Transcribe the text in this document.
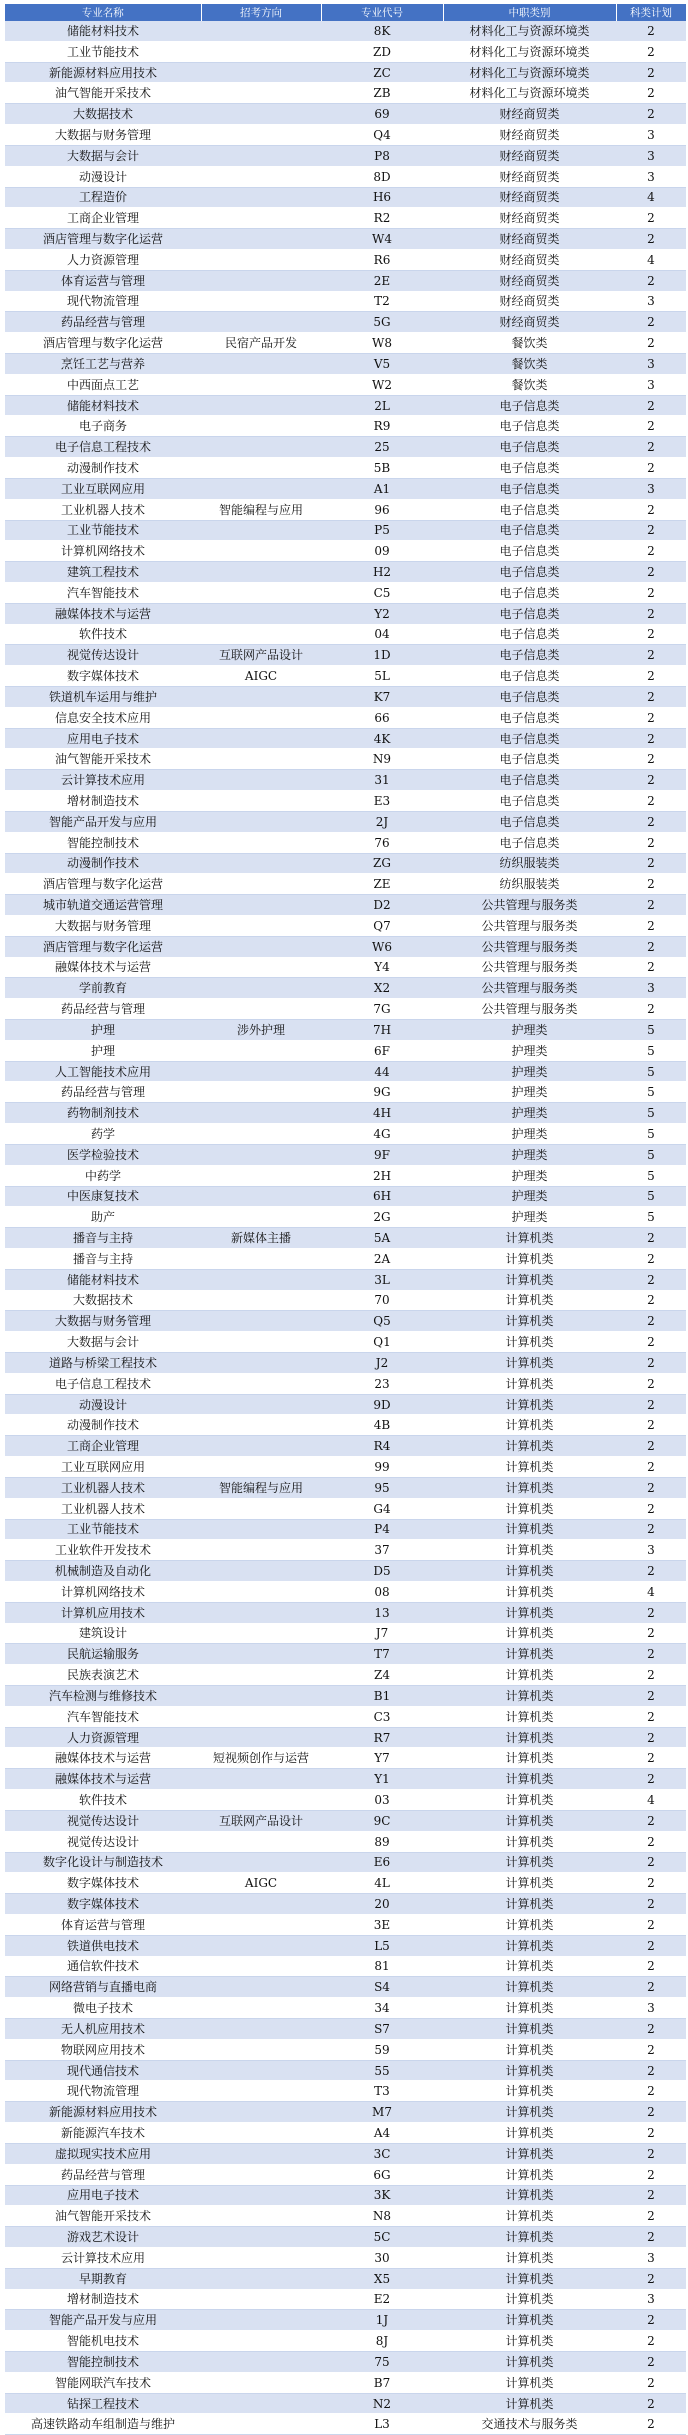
专业名称	招考方向	专业代号	中职类别	科类计划
储能材料技术		8K	材料化工与资源环境类	2
工业节能技术		ZD	材料化工与资源环境类	2
新能源材料应用技术		ZC	材料化工与资源环境类	2
油气智能开采技术		ZB	材料化工与资源环境类	2
大数据技术		69	财经商贸类	2
大数据与财务管理		Q4	财经商贸类	3
大数据与会计		P8	财经商贸类	3
动漫设计		8D	财经商贸类	3
工程造价		H6	财经商贸类	4
工商企业管理		R2	财经商贸类	2
酒店管理与数字化运营		W4	财经商贸类	2
人力资源管理		R6	财经商贸类	4
体育运营与管理		2E	财经商贸类	2
现代物流管理		T2	财经商贸类	3
药品经营与管理		5G	财经商贸类	2
酒店管理与数字化运营	民宿产品开发	W8	餐饮类	2
烹饪工艺与营养		V5	餐饮类	3
中西面点工艺		W2	餐饮类	3
储能材料技术		2L	电子信息类	2
电子商务		R9	电子信息类	2
电子信息工程技术		25	电子信息类	2
动漫制作技术		5B	电子信息类	2
工业互联网应用		A1	电子信息类	3
工业机器人技术	智能编程与应用	96	电子信息类	2
工业节能技术		P5	电子信息类	2
计算机网络技术		09	电子信息类	2
建筑工程技术		H2	电子信息类	2
汽车智能技术		C5	电子信息类	2
融媒体技术与运营		Y2	电子信息类	2
软件技术		04	电子信息类	2
视觉传达设计	互联网产品设计	1D	电子信息类	2
数字媒体技术	AIGC	5L	电子信息类	2
铁道机车运用与维护		K7	电子信息类	2
信息安全技术应用		66	电子信息类	2
应用电子技术		4K	电子信息类	2
油气智能开采技术		N9	电子信息类	2
云计算技术应用		31	电子信息类	2
增材制造技术		E3	电子信息类	2
智能产品开发与应用		2J	电子信息类	2
智能控制技术		76	电子信息类	2
动漫制作技术		ZG	纺织服装类	2
酒店管理与数字化运营		ZE	纺织服装类	2
城市轨道交通运营管理		D2	公共管理与服务类	2
大数据与财务管理		Q7	公共管理与服务类	2
酒店管理与数字化运营		W6	公共管理与服务类	2
融媒体技术与运营		Y4	公共管理与服务类	2
学前教育		X2	公共管理与服务类	3
药品经营与管理		7G	公共管理与服务类	2
护理	涉外护理	7H	护理类	5
护理		6F	护理类	5
人工智能技术应用		44	护理类	5
药品经营与管理		9G	护理类	5
药物制剂技术		4H	护理类	5
药学		4G	护理类	5
医学检验技术		9F	护理类	5
中药学		2H	护理类	5
中医康复技术		6H	护理类	5
助产		2G	护理类	5
播音与主持	新媒体主播	5A	计算机类	2
播音与主持		2A	计算机类	2
储能材料技术		3L	计算机类	2
大数据技术		70	计算机类	2
大数据与财务管理		Q5	计算机类	2
大数据与会计		Q1	计算机类	2
道路与桥梁工程技术		J2	计算机类	2
电子信息工程技术		23	计算机类	2
动漫设计		9D	计算机类	2
动漫制作技术		4B	计算机类	2
工商企业管理		R4	计算机类	2
工业互联网应用		99	计算机类	2
工业机器人技术	智能编程与应用	95	计算机类	2
工业机器人技术		G4	计算机类	2
工业节能技术		P4	计算机类	2
工业软件开发技术		37	计算机类	3
机械制造及自动化		D5	计算机类	2
计算机网络技术		08	计算机类	4
计算机应用技术		13	计算机类	2
建筑设计		J7	计算机类	2
民航运输服务		T7	计算机类	2
民族表演艺术		Z4	计算机类	2
汽车检测与维修技术		B1	计算机类	2
汽车智能技术		C3	计算机类	2
人力资源管理		R7	计算机类	2
融媒体技术与运营	短视频创作与运营	Y7	计算机类	2
融媒体技术与运营		Y1	计算机类	2
软件技术		03	计算机类	4
视觉传达设计	互联网产品设计	9C	计算机类	2
视觉传达设计		89	计算机类	2
数字化设计与制造技术		E6	计算机类	2
数字媒体技术	AIGC	4L	计算机类	2
数字媒体技术		20	计算机类	2
体育运营与管理		3E	计算机类	2
铁道供电技术		L5	计算机类	2
通信软件技术		81	计算机类	2
网络营销与直播电商		S4	计算机类	2
微电子技术		34	计算机类	3
无人机应用技术		S7	计算机类	2
物联网应用技术		59	计算机类	2
现代通信技术		55	计算机类	2
现代物流管理		T3	计算机类	2
新能源材料应用技术		M7	计算机类	2
新能源汽车技术		A4	计算机类	2
虚拟现实技术应用		3C	计算机类	2
药品经营与管理		6G	计算机类	2
应用电子技术		3K	计算机类	2
油气智能开采技术		N8	计算机类	2
游戏艺术设计		5C	计算机类	2
云计算技术应用		30	计算机类	3
早期教育		X5	计算机类	2
增材制造技术		E2	计算机类	3
智能产品开发与应用		1J	计算机类	2
智能机电技术		8J	计算机类	2
智能控制技术		75	计算机类	2
智能网联汽车技术		B7	计算机类	2
钻探工程技术		N2	计算机类	2
高速铁路动车组制造与维护		L3	交通技术与服务类	2
